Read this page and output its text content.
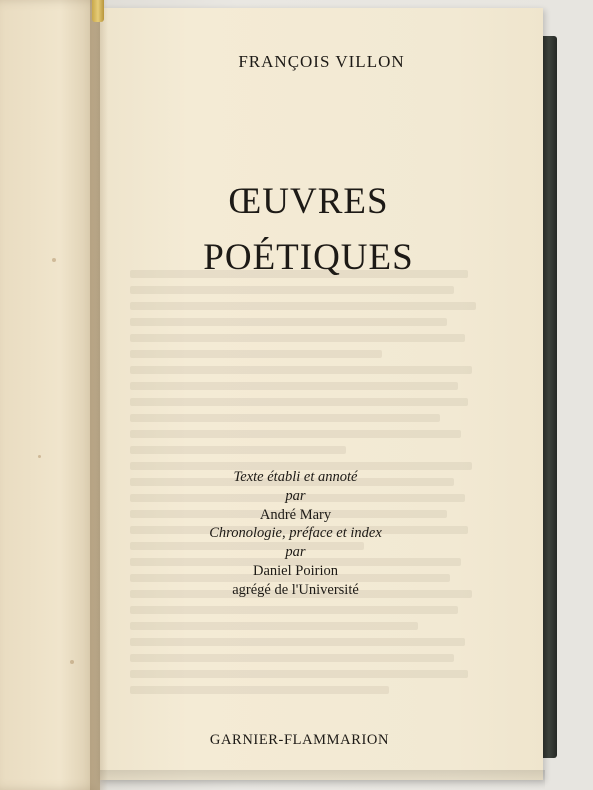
FRANÇOIS VILLON
ŒUVRES
POÉTIQUES
Texte établi et annoté
par
André Mary
Chronologie, préface et index
par
Daniel Poirion
agrégé de l'Université
GARNIER-FLAMMARION
